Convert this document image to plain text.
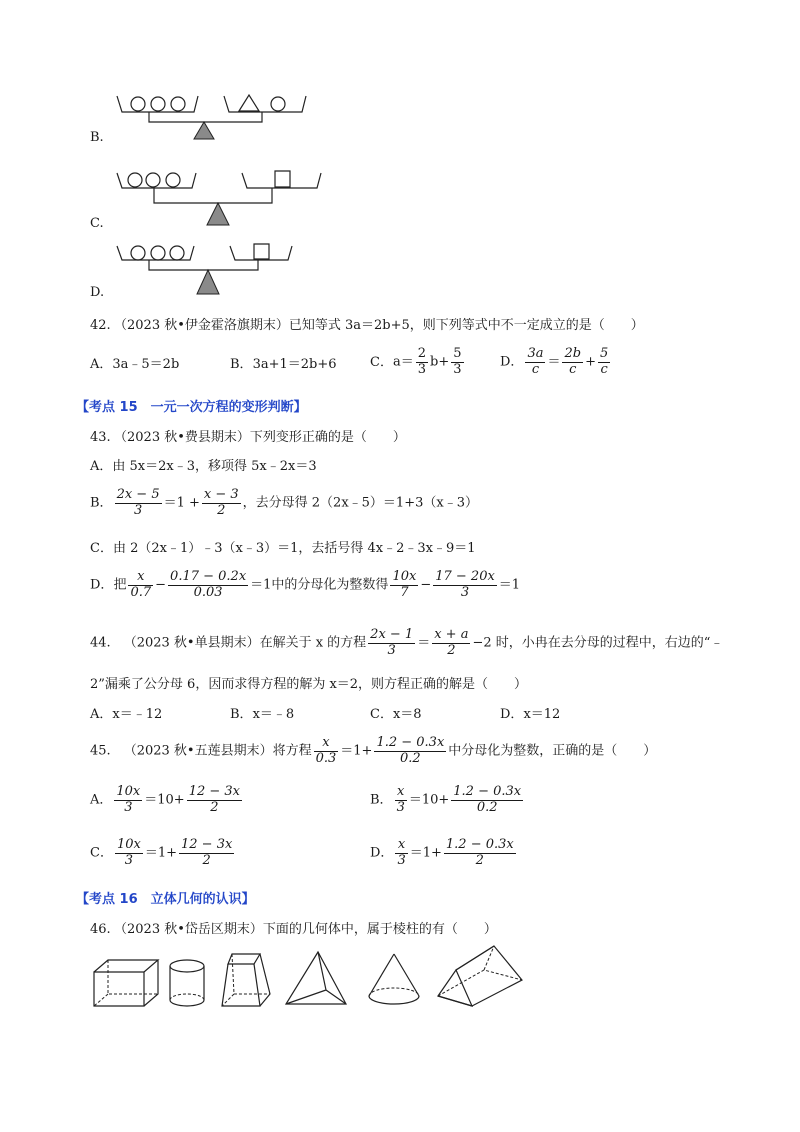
B.
C.
D.
42. （2023 秋•伊金霍洛旗期末）已知等式 3a＝2b+5，则下列等式中不一定成立的是（　　）
A．3a﹣5＝2b	B．3a+1＝2b+6	C．$a= \frac{2}{3} b+ \frac{5}{3}$	D． $\frac{3a}{c} = \frac{2b}{c} + \frac{5}{c}$
【考点 15　一元一次方程的变形判断】
43. （2023 秋•费县期末）下列变形正确的是（　　）
A．由 5x＝2x﹣3，移项得 5x﹣2x＝3
B． $\frac{2x - 5}{3} =1 + \frac{x - 3}{2}$ ，去分母得 2（2x﹣5）＝1+3（x﹣3）
C．由 2（2x﹣1）﹣3（x﹣3）＝1，去括号得 4x﹣2﹣3x﹣9＝1
D．把 $\frac{x}{0.7} - \frac{0.17 - 0.2x}{0.03} =1$中的分母化为整数得 $\frac{10x}{7} - \frac{17 - 20x}{3} =1$
44.  （2023 秋•单县期末）在解关于 x 的方程 $\frac{2x - 1}{3} = \frac{x + a}{2} -2$ 时，小冉在去分母的过程中，右边的“﹣
2”漏乘了公分母 6，因而求得方程的解为 x＝2，则方程正确的解是（　　）
A．x＝﹣12	B．x＝﹣8	C．x＝8	D．x＝12
45.  （2023 秋•五莲县期末）将方程 $\frac{x}{0.3} =1+ \frac{1.2 - 0.3x}{0.2}$ 中分母化为整数，正确的是（　　）
A． $\frac{10x}{3} =10+ \frac{12 - 3x}{2}$	B． $\frac{x}{3} =10+ \frac{1.2 - 0.3x}{0.2}$
C． $\frac{10x}{3} =1+ \frac{12 - 3x}{2}$	D． $\frac{x}{3} =1+ \frac{1.2 - 0.3x}{2}$
【考点 16　立体几何的认识】
46. （2023 秋•岱岳区期末）下面的几何体中，属于棱柱的有（　　）
